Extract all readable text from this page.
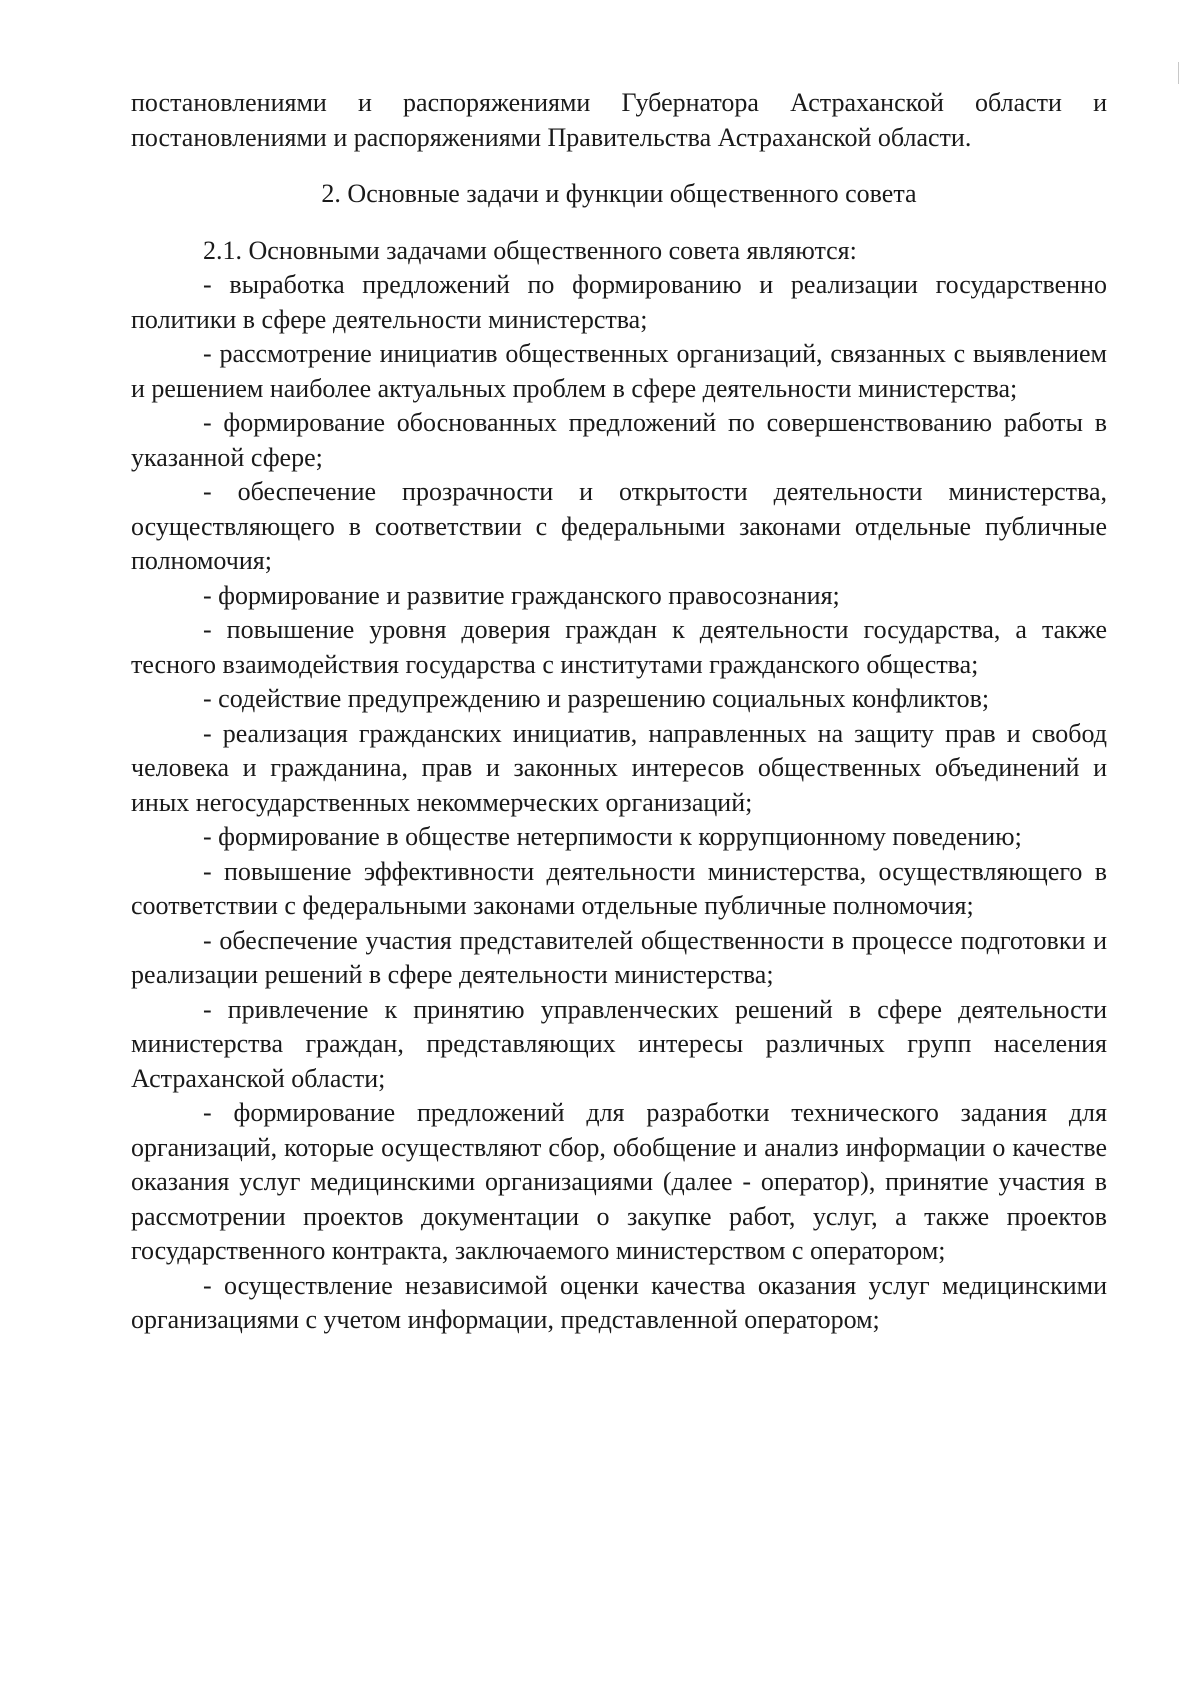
постановлениями и распоряжениями Губернатора Астраханской области и постановлениями и распоряжениями Правительства Астраханской области.

2. Основные задачи и функции общественного совета

2.1. Основными задачами общественного совета являются:

- выработка предложений по формированию и реализации государственно политики в сфере деятельности министерства;

- рассмотрение инициатив общественных организаций, связанных с выявлением и решением наиболее актуальных проблем в сфере деятельности министерства;

- формирование обоснованных предложений по совершенствованию работы в указанной сфере;

- обеспечение прозрачности и открытости деятельности министерства, осуществляющего в соответствии с федеральными законами отдельные публичные полномочия;

- формирование и развитие гражданского правосознания;

- повышение уровня доверия граждан к деятельности государства, а также тесного взаимодействия государства с институтами гражданского общества;

- содействие предупреждению и разрешению социальных конфликтов;

- реализация гражданских инициатив, направленных на защиту прав и свобод человека и гражданина, прав и законных интересов общественных объединений и иных негосударственных некоммерческих организаций;

- формирование в обществе нетерпимости к коррупционному поведению;

- повышение эффективности деятельности министерства, осуществляющего в соответствии с федеральными законами отдельные публичные полномочия;

- обеспечение участия представителей общественности в процессе подготовки и реализации решений в сфере деятельности министерства;

- привлечение к принятию управленческих решений в сфере деятельности министерства граждан, представляющих интересы различных групп населения Астраханской области;

- формирование предложений для разработки технического задания для организаций, которые осуществляют сбор, обобщение и анализ информации о качестве оказания услуг медицинскими организациями (далее - оператор), принятие участия в рассмотрении проектов документации о закупке работ, услуг, а также проектов государственного контракта, заключаемого министерством с оператором;

- осуществление независимой оценки качества оказания услуг медицинскими организациями с учетом информации, представленной оператором;
